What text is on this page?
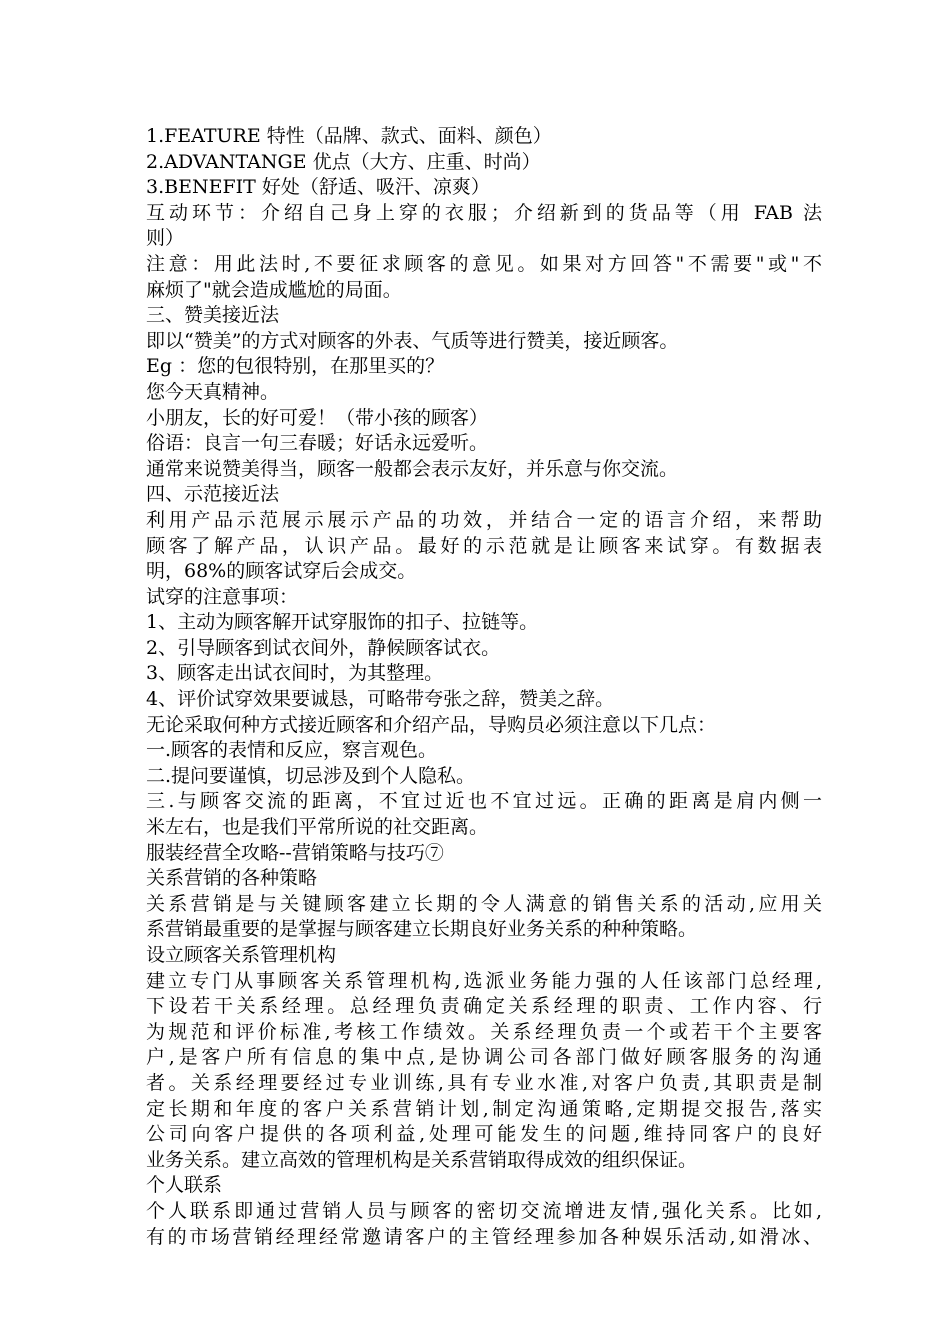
1.FEATURE 特性（品牌、款式、面料、颜色）
2.ADVANTANGE 优点（大方、庄重、时尚）
3.BENEFIT 好处（舒适、吸汗、凉爽）
互动环节：介绍自己身上穿的衣服；介绍新到的货品等（用 FAB 法
则）
注意：用此法时,不要征求顾客的意见。如果对方回答"不需要"或"不
麻烦了"就会造成尴尬的局面。
三、赞美接近法
即以“赞美”的方式对顾客的外表、气质等进行赞美，接近顾客。
Eg ：您的包很特别，在那里买的？
您今天真精神。
小朋友，长的好可爱！（带小孩的顾客）
俗语：良言一句三春暖；好话永远爱听。
通常来说赞美得当，顾客一般都会表示友好，并乐意与你交流。
四、示范接近法
利用产品示范展示展示产品的功效，并结合一定的语言介绍，来帮助
顾客了解产品，认识产品。最好的示范就是让顾客来试穿。有数据表
明，68%的顾客试穿后会成交。
试穿的注意事项：
1、主动为顾客解开试穿服饰的扣子、拉链等。
2、引导顾客到试衣间外，静候顾客试衣。
3、顾客走出试衣间时，为其整理。
4、评价试穿效果要诚恳，可略带夸张之辞，赞美之辞。
无论采取何种方式接近顾客和介绍产品，导购员必须注意以下几点：
一.顾客的表情和反应，察言观色。
二.提问要谨慎，切忌涉及到个人隐私。
三.与顾客交流的距离，不宜过近也不宜过远。正确的距离是肩内侧一
米左右，也是我们平常所说的社交距离。
服装经营全攻略--营销策略与技巧⑦
关系营销的各种策略
关系营销是与关键顾客建立长期的令人满意的销售关系的活动,应用关
系营销最重要的是掌握与顾客建立长期良好业务关系的种种策略。
设立顾客关系管理机构
建立专门从事顾客关系管理机构,选派业务能力强的人任该部门总经理,
下设若干关系经理。总经理负责确定关系经理的职责、工作内容、行
为规范和评价标准,考核工作绩效。关系经理负责一个或若干个主要客
户,是客户所有信息的集中点,是协调公司各部门做好顾客服务的沟通
者。关系经理要经过专业训练,具有专业水准,对客户负责,其职责是制
定长期和年度的客户关系营销计划,制定沟通策略,定期提交报告,落实
公司向客户提供的各项利益,处理可能发生的问题,维持同客户的良好
业务关系。建立高效的管理机构是关系营销取得成效的组织保证。
个人联系
个人联系即通过营销人员与顾客的密切交流增进友情,强化关系。比如,
有的市场营销经理经常邀请客户的主管经理参加各种娱乐活动,如滑冰、
